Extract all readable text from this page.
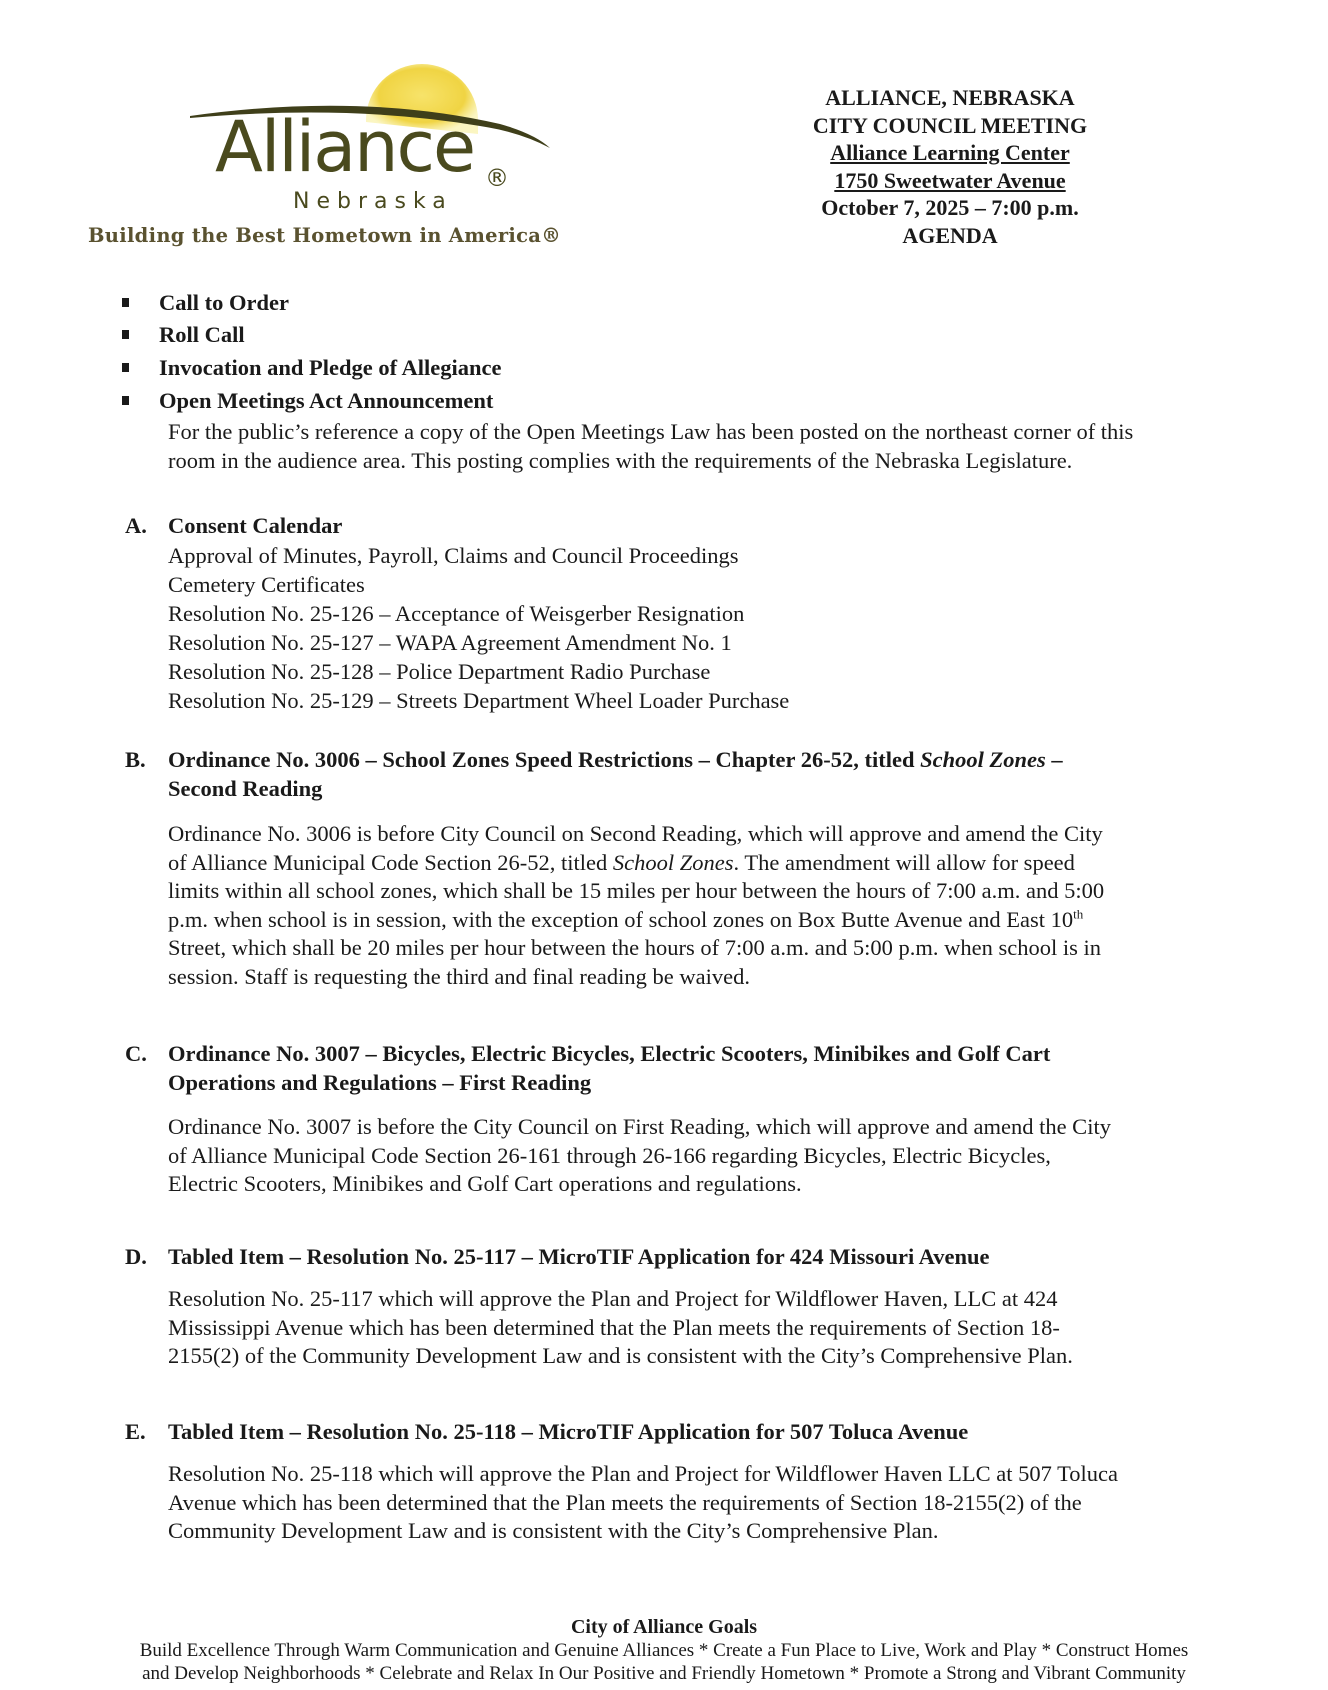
Alliance ®
Nebraska
Building the Best Hometown in America®
ALLIANCE, NEBRASKA
CITY COUNCIL MEETING
Alliance Learning Center
1750 Sweetwater Avenue
October 7, 2025 – 7:00 p.m.
AGENDA
Call to Order
Roll Call
Invocation and Pledge of Allegiance
Open Meetings Act Announcement
For the public’s reference a copy of the Open Meetings Law has been posted on the northeast corner of this
room in the audience area. This posting complies with the requirements of the Nebraska Legislature.
A. Consent Calendar
Approval of Minutes, Payroll, Claims and Council Proceedings
Cemetery Certificates
Resolution No. 25-126 – Acceptance of Weisgerber Resignation
Resolution No. 25-127 – WAPA Agreement Amendment No. 1
Resolution No. 25-128 – Police Department Radio Purchase
Resolution No. 25-129 – Streets Department Wheel Loader Purchase
B. Ordinance No. 3006 – School Zones Speed Restrictions – Chapter 26-52, titled School Zones –
Second Reading
Ordinance No. 3006 is before City Council on Second Reading, which will approve and amend the City
of Alliance Municipal Code Section 26-52, titled School Zones. The amendment will allow for speed
limits within all school zones, which shall be 15 miles per hour between the hours of 7:00 a.m. and 5:00
p.m. when school is in session, with the exception of school zones on Box Butte Avenue and East 10th
Street, which shall be 20 miles per hour between the hours of 7:00 a.m. and 5:00 p.m. when school is in
session. Staff is requesting the third and final reading be waived.
C. Ordinance No. 3007 – Bicycles, Electric Bicycles, Electric Scooters, Minibikes and Golf Cart
Operations and Regulations – First Reading
Ordinance No. 3007 is before the City Council on First Reading, which will approve and amend the City
of Alliance Municipal Code Section 26-161 through 26-166 regarding Bicycles, Electric Bicycles,
Electric Scooters, Minibikes and Golf Cart operations and regulations.
D. Tabled Item – Resolution No. 25-117 – MicroTIF Application for 424 Missouri Avenue
Resolution No. 25-117 which will approve the Plan and Project for Wildflower Haven, LLC at 424
Mississippi Avenue which has been determined that the Plan meets the requirements of Section 18-
2155(2) of the Community Development Law and is consistent with the City’s Comprehensive Plan.
E. Tabled Item – Resolution No. 25-118 – MicroTIF Application for 507 Toluca Avenue
Resolution No. 25-118 which will approve the Plan and Project for Wildflower Haven LLC at 507 Toluca
Avenue which has been determined that the Plan meets the requirements of Section 18-2155(2) of the
Community Development Law and is consistent with the City’s Comprehensive Plan.
City of Alliance Goals
Build Excellence Through Warm Communication and Genuine Alliances * Create a Fun Place to Live, Work and Play * Construct Homes
and Develop Neighborhoods * Celebrate and Relax In Our Positive and Friendly Hometown * Promote a Strong and Vibrant Community
